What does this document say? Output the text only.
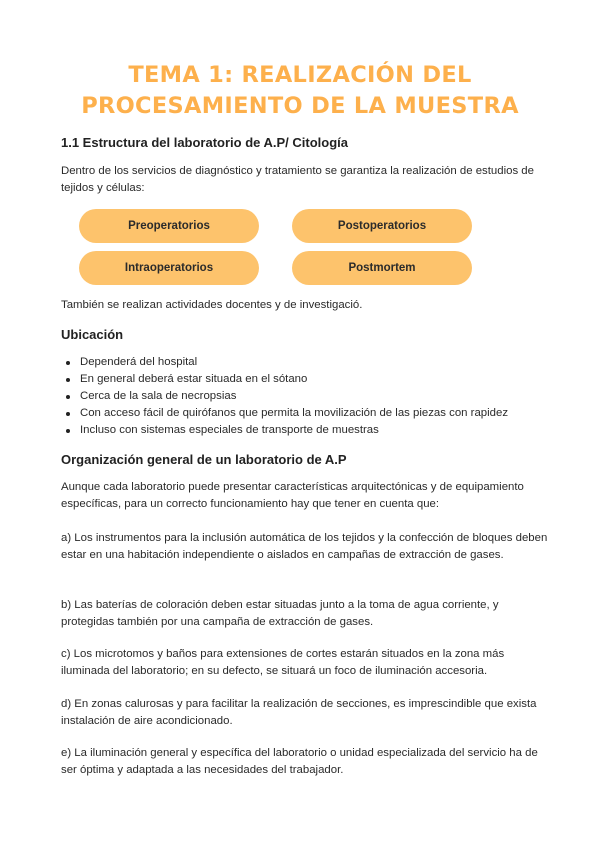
TEMA 1: REALIZACIÓN DEL PROCESAMIENTO DE LA MUESTRA
1.1 Estructura del laboratorio de A.P/ Citología
Dentro de los servicios de diagnóstico y tratamiento se garantiza la realización de estudios de tejidos y células:
Preoperatorios	Postoperatorios
Intraoperatorios	Postmortem
También se realizan actividades docentes y de investigació.
Ubicación
Dependerá del hospital
En general deberá estar situada en el sótano
Cerca de la sala de necropsias
Con acceso fácil de quirófanos que permita la movilización de las piezas con rapidez
Incluso con sistemas especiales de transporte de muestras
Organización general de un laboratorio de A.P
Aunque cada laboratorio puede presentar características arquitectónicas y de equipamiento específicas, para un correcto funcionamiento hay que tener en cuenta que:
a) Los instrumentos para la inclusión automática de los tejidos y la confección de bloques deben estar en una habitación independiente o aislados en campañas de extracción de gases.
b) Las baterías de coloración deben estar situadas junto a la toma de agua corriente, y protegidas también por una campaña de extracción de gases.
c) Los microtomos y baños para extensiones de cortes estarán situados en la zona más iluminada del laboratorio; en su defecto, se situará un foco de iluminación accesoria.
d) En zonas calurosas y para facilitar la realización de secciones, es imprescindible que exista instalación de aire acondicionado.
e) La iluminación general y específica del laboratorio o unidad especializada del servicio ha de ser óptima y adaptada a las necesidades del trabajador.
